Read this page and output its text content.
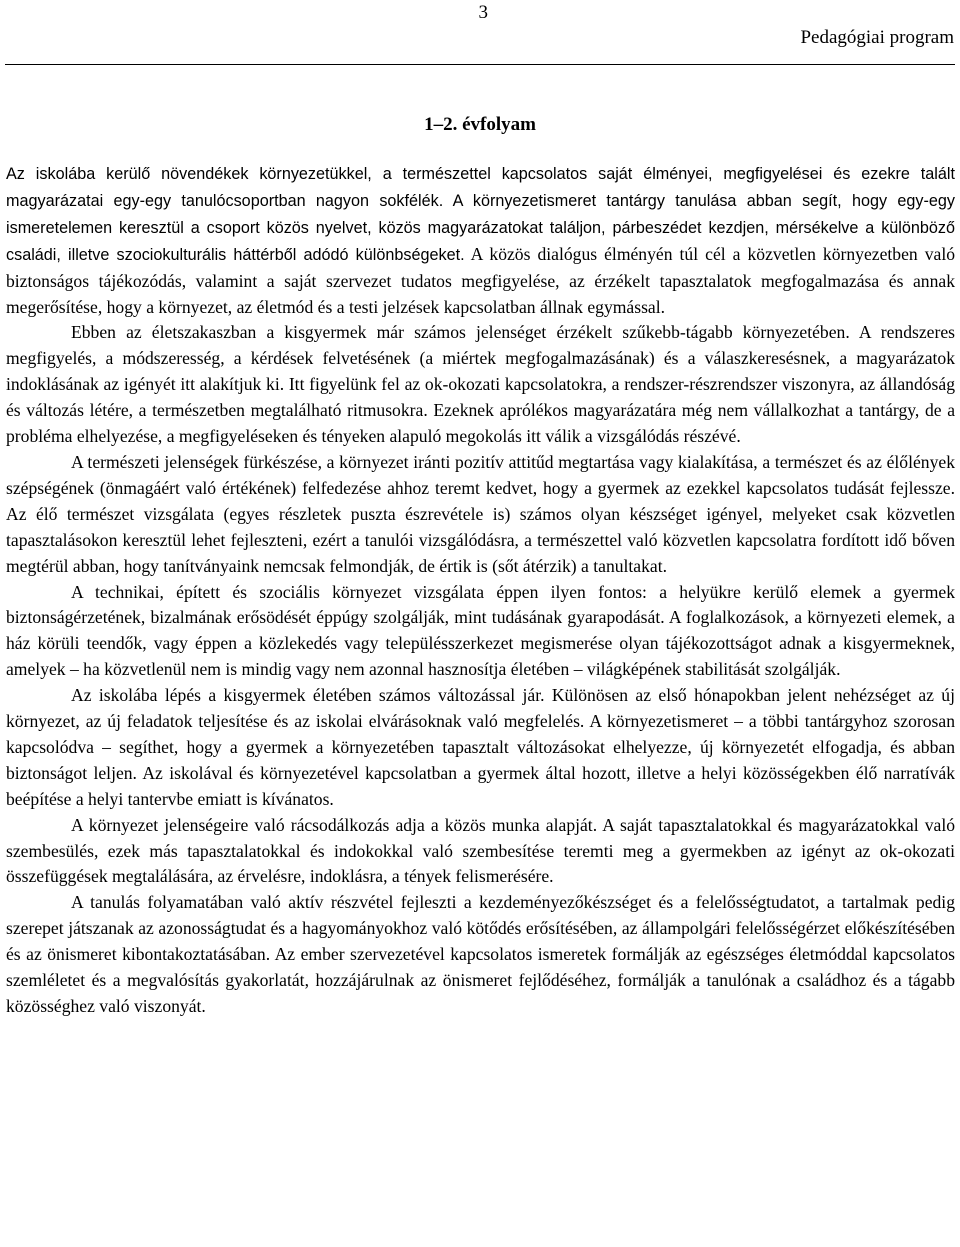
3
Pedagógiai program
1–2. évfolyam

Az iskolába kerülő növendékek környezetükkel, a természettel kapcsolatos saját élményei, megfigyelései és ezekre talált magyarázatai egy-egy tanulócsoportban nagyon sokfélék. A környezetismeret tantárgy tanulása abban segít, hogy egy-egy ismeretelemen keresztül a csoport közös nyelvet, közös magyarázatokat találjon, párbeszédet kezdjen, mérsékelve a különböző családi, illetve szociokulturális háttérből adódó különbségeket. A közös dialógus élményén túl cél a közvetlen környezetben való biztonságos tájékozódás, valamint a saját szervezet tudatos megfigyelése, az érzékelt tapasztalatok megfogalmazása és annak megerősítése, hogy a környezet, az életmód és a testi jelzések kapcsolatban állnak egymással.

Ebben az életszakaszban a kisgyermek már számos jelenséget érzékelt szűkebb-tágabb környezetében. A rendszeres megfigyelés, a módszeresség, a kérdések felvetésének (a miértek megfogalmazásának) és a válaszkeresésnek, a magyarázatok indoklásának az igényét itt alakítjuk ki. Itt figyelünk fel az ok-okozati kapcsolatokra, a rendszer-részrendszer viszonyra, az állandóság és változás létére, a természetben megtalálható ritmusokra. Ezeknek aprólékos magyarázatára még nem vállalkozhat a tantárgy, de a probléma elhelyezése, a megfigyeléseken és tényeken alapuló megokolás itt válik a vizsgálódás részévé.

A természeti jelenségek fürkészése, a környezet iránti pozitív attitűd megtartása vagy kialakítása, a természet és az élőlények szépségének (önmagáért való értékének) felfedezése ahhoz teremt kedvet, hogy a gyermek az ezekkel kapcsolatos tudását fejlessze. Az élő természet vizsgálata (egyes részletek puszta észrevétele is) számos olyan készséget igényel, melyeket csak közvetlen tapasztalásokon keresztül lehet fejleszteni, ezért a tanulói vizsgálódásra, a természettel való közvetlen kapcsolatra fordított idő bőven megtérül abban, hogy tanítványaink nemcsak felmondják, de értik is (sőt átérzik) a tanultakat.

A technikai, épített és szociális környezet vizsgálata éppen ilyen fontos: a helyükre kerülő elemek a gyermek biztonságérzetének, bizalmának erősödését éppúgy szolgálják, mint tudásának gyarapodását. A foglalkozások, a környezeti elemek, a ház körüli teendők, vagy éppen a közlekedés vagy településszerkezet megismerése olyan tájékozottságot adnak a kisgyermeknek, amelyek – ha közvetlenül nem is mindig vagy nem azonnal hasznosítja életében – világképének stabilitását szolgálják.

Az iskolába lépés a kisgyermek életében számos változással jár. Különösen az első hónapokban jelent nehézséget az új környezet, az új feladatok teljesítése és az iskolai elvárásoknak való megfelelés. A környezetismeret – a többi tantárgyhoz szorosan kapcsolódva – segíthet, hogy a gyermek a környezetében tapasztalt változásokat elhelyezze, új környezetét elfogadja, és abban biztonságot leljen. Az iskolával és környezetével kapcsolatban a gyermek által hozott, illetve a helyi közösségekben élő narratívák beépítése a helyi tantervbe emiatt is kívánatos.

A környezet jelenségeire való rácsodálkozás adja a közös munka alapját. A saját tapasztalatokkal és magyarázatokkal való szembesülés, ezek más tapasztalatokkal és indokokkal való szembesítése teremti meg a gyermekben az igényt az ok-okozati összefüggések megtalálására, az érvelésre, indoklásra, a tények felismerésére.

A tanulás folyamatában való aktív részvétel fejleszti a kezdeményezőkészséget és a felelősségtudatot, a tartalmak pedig szerepet játszanak az azonosságtudat és a hagyományokhoz való kötődés erősítésében, az állampolgári felelősségérzet előkészítésében és az önismeret kibontakoztatásában. Az ember szervezetével kapcsolatos ismeretek formálják az egészséges életmóddal kapcsolatos szemléletet és a megvalósítás gyakorlatát, hozzájárulnak az önismeret fejlődéséhez, formálják a tanulónak a családhoz és a tágabb közösséghez való viszonyát.
